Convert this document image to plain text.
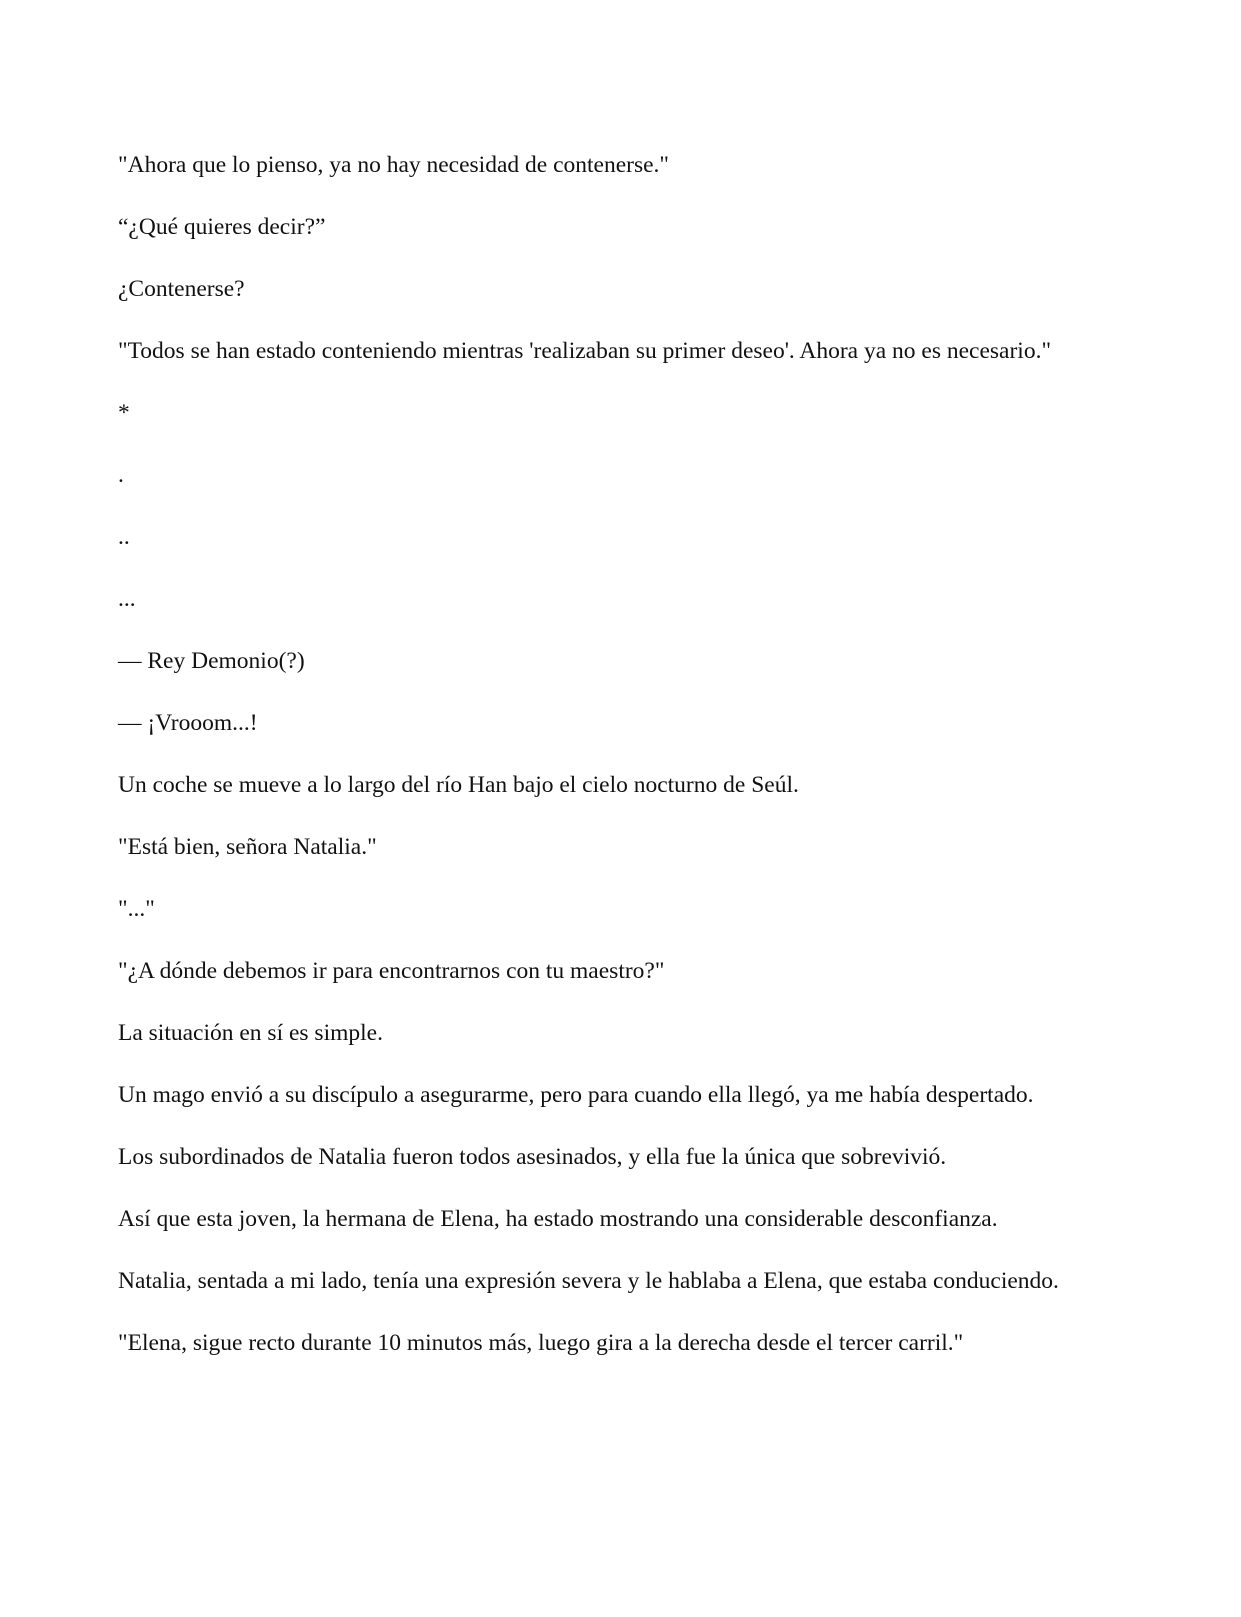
"Ahora que lo pienso, ya no hay necesidad de contenerse."

“¿Qué quieres decir?”

¿Contenerse?

"Todos se han estado conteniendo mientras 'realizaban su primer deseo'. Ahora ya no es necesario."

*

.

..

...

— Rey Demonio(?)

— ¡Vrooom...!

Un coche se mueve a lo largo del río Han bajo el cielo nocturno de Seúl.

"Está bien, señora Natalia."

"..."

"¿A dónde debemos ir para encontrarnos con tu maestro?"

La situación en sí es simple.

Un mago envió a su discípulo a asegurarme, pero para cuando ella llegó, ya me había despertado.

Los subordinados de Natalia fueron todos asesinados, y ella fue la única que sobrevivió.

Así que esta joven, la hermana de Elena, ha estado mostrando una considerable desconfianza.

Natalia, sentada a mi lado, tenía una expresión severa y le hablaba a Elena, que estaba conduciendo.

"Elena, sigue recto durante 10 minutos más, luego gira a la derecha desde el tercer carril."
